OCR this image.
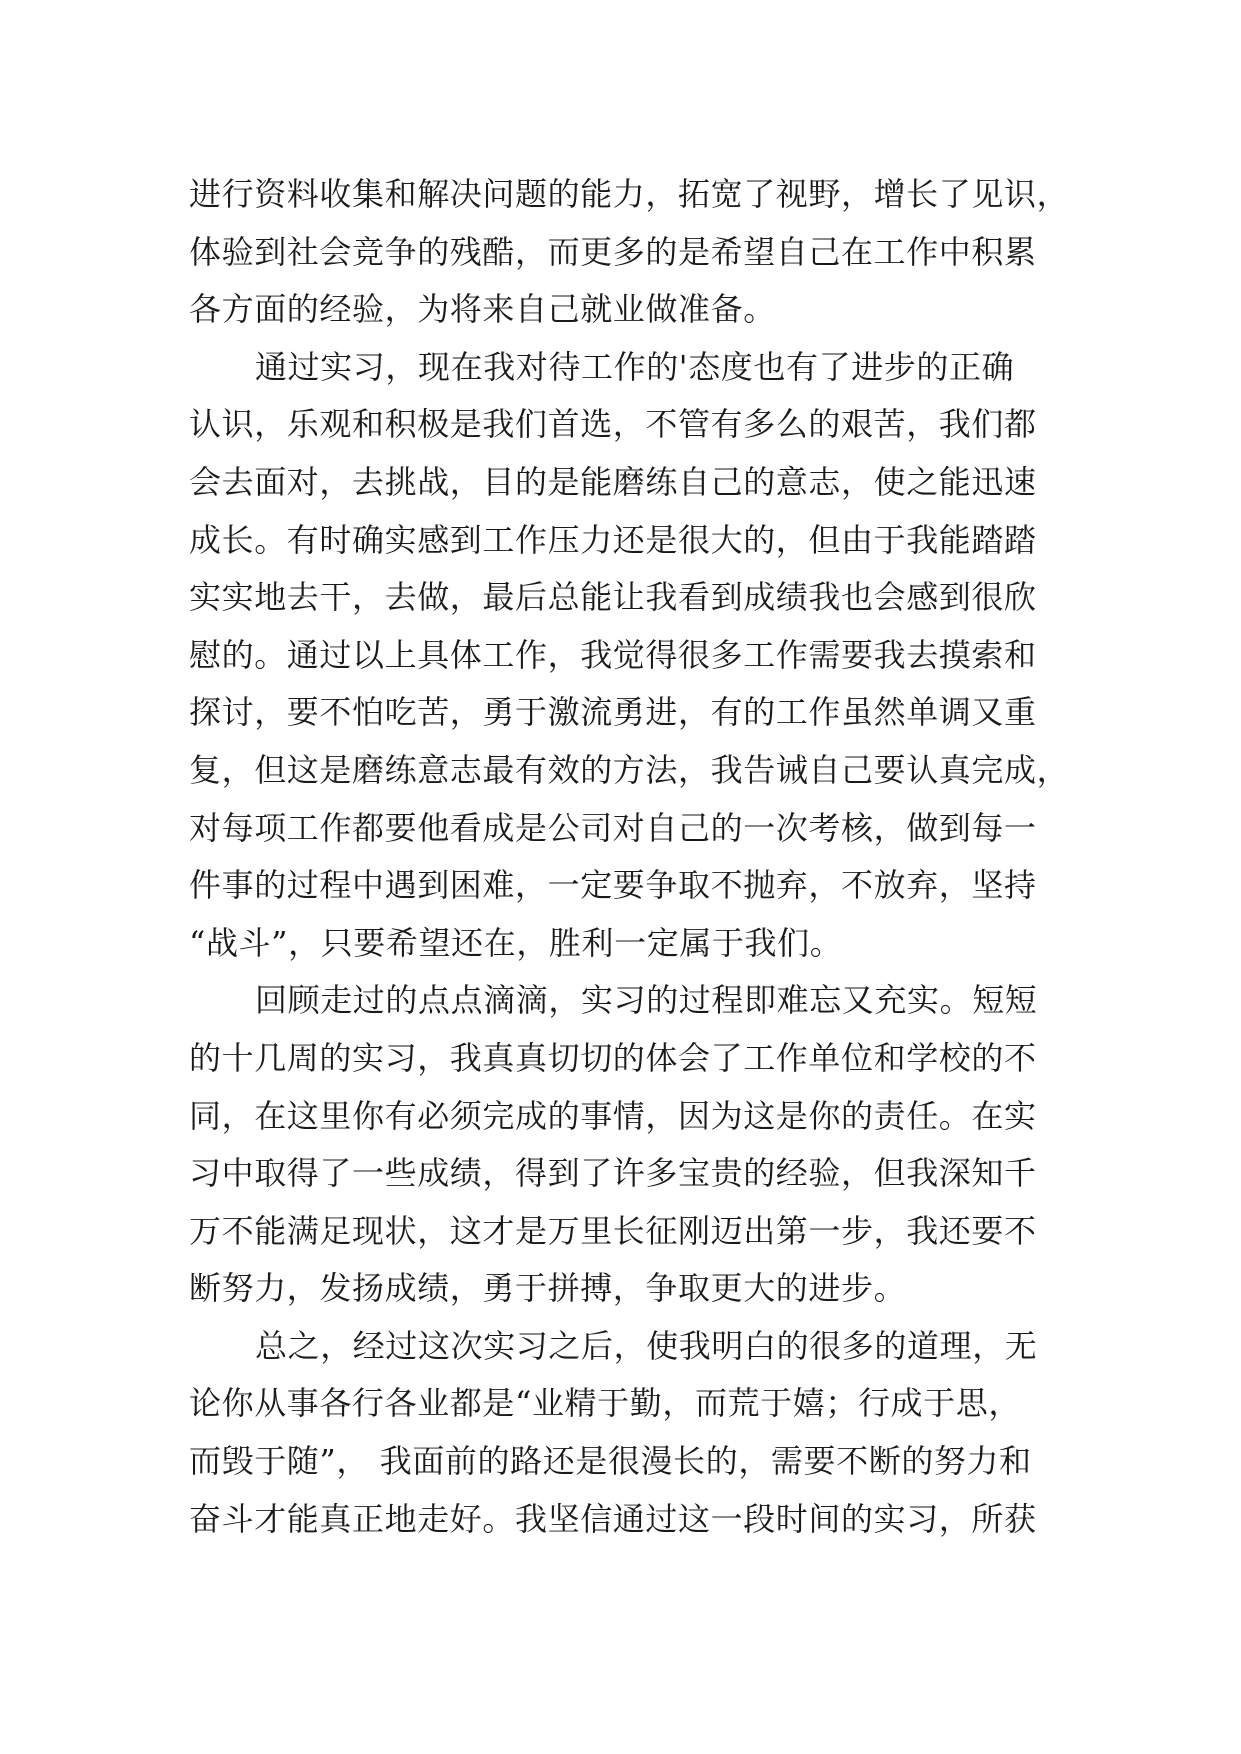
进行资料收集和解决问题的能力，拓宽了视野，增长了见识，
体验到社会竞争的残酷，而更多的是希望自己在工作中积累
各方面的经验，为将来自己就业做准备。
通过实习，现在我对待工作的'态度也有了进步的正确
认识，乐观和积极是我们首选，不管有多么的艰苦，我们都
会去面对，去挑战，目的是能磨练自己的意志，使之能迅速
成长。有时确实感到工作压力还是很大的，但由于我能踏踏
实实地去干，去做，最后总能让我看到成绩我也会感到很欣
慰的。通过以上具体工作，我觉得很多工作需要我去摸索和
探讨，要不怕吃苦，勇于激流勇进，有的工作虽然单调又重
复，但这是磨练意志最有效的方法，我告诫自己要认真完成，
对每项工作都要他看成是公司对自己的一次考核，做到每一
件事的过程中遇到困难，一定要争取不抛弃，不放弃，坚持
“战斗”，只要希望还在，胜利一定属于我们。
回顾走过的点点滴滴，实习的过程即难忘又充实。短短
的十几周的实习，我真真切切的体会了工作单位和学校的不
同，在这里你有必须完成的事情，因为这是你的责任。在实
习中取得了一些成绩，得到了许多宝贵的经验，但我深知千
万不能满足现状，这才是万里长征刚迈出第一步，我还要不
断努力，发扬成绩，勇于拼搏，争取更大的进步。
总之，经过这次实习之后，使我明白的很多的道理，无
论你从事各行各业都是“业精于勤，而荒于嬉；行成于思，
而毁于随”， 我面前的路还是很漫长的，需要不断的努力和
奋斗才能真正地走好。我坚信通过这一段时间的实习，所获
